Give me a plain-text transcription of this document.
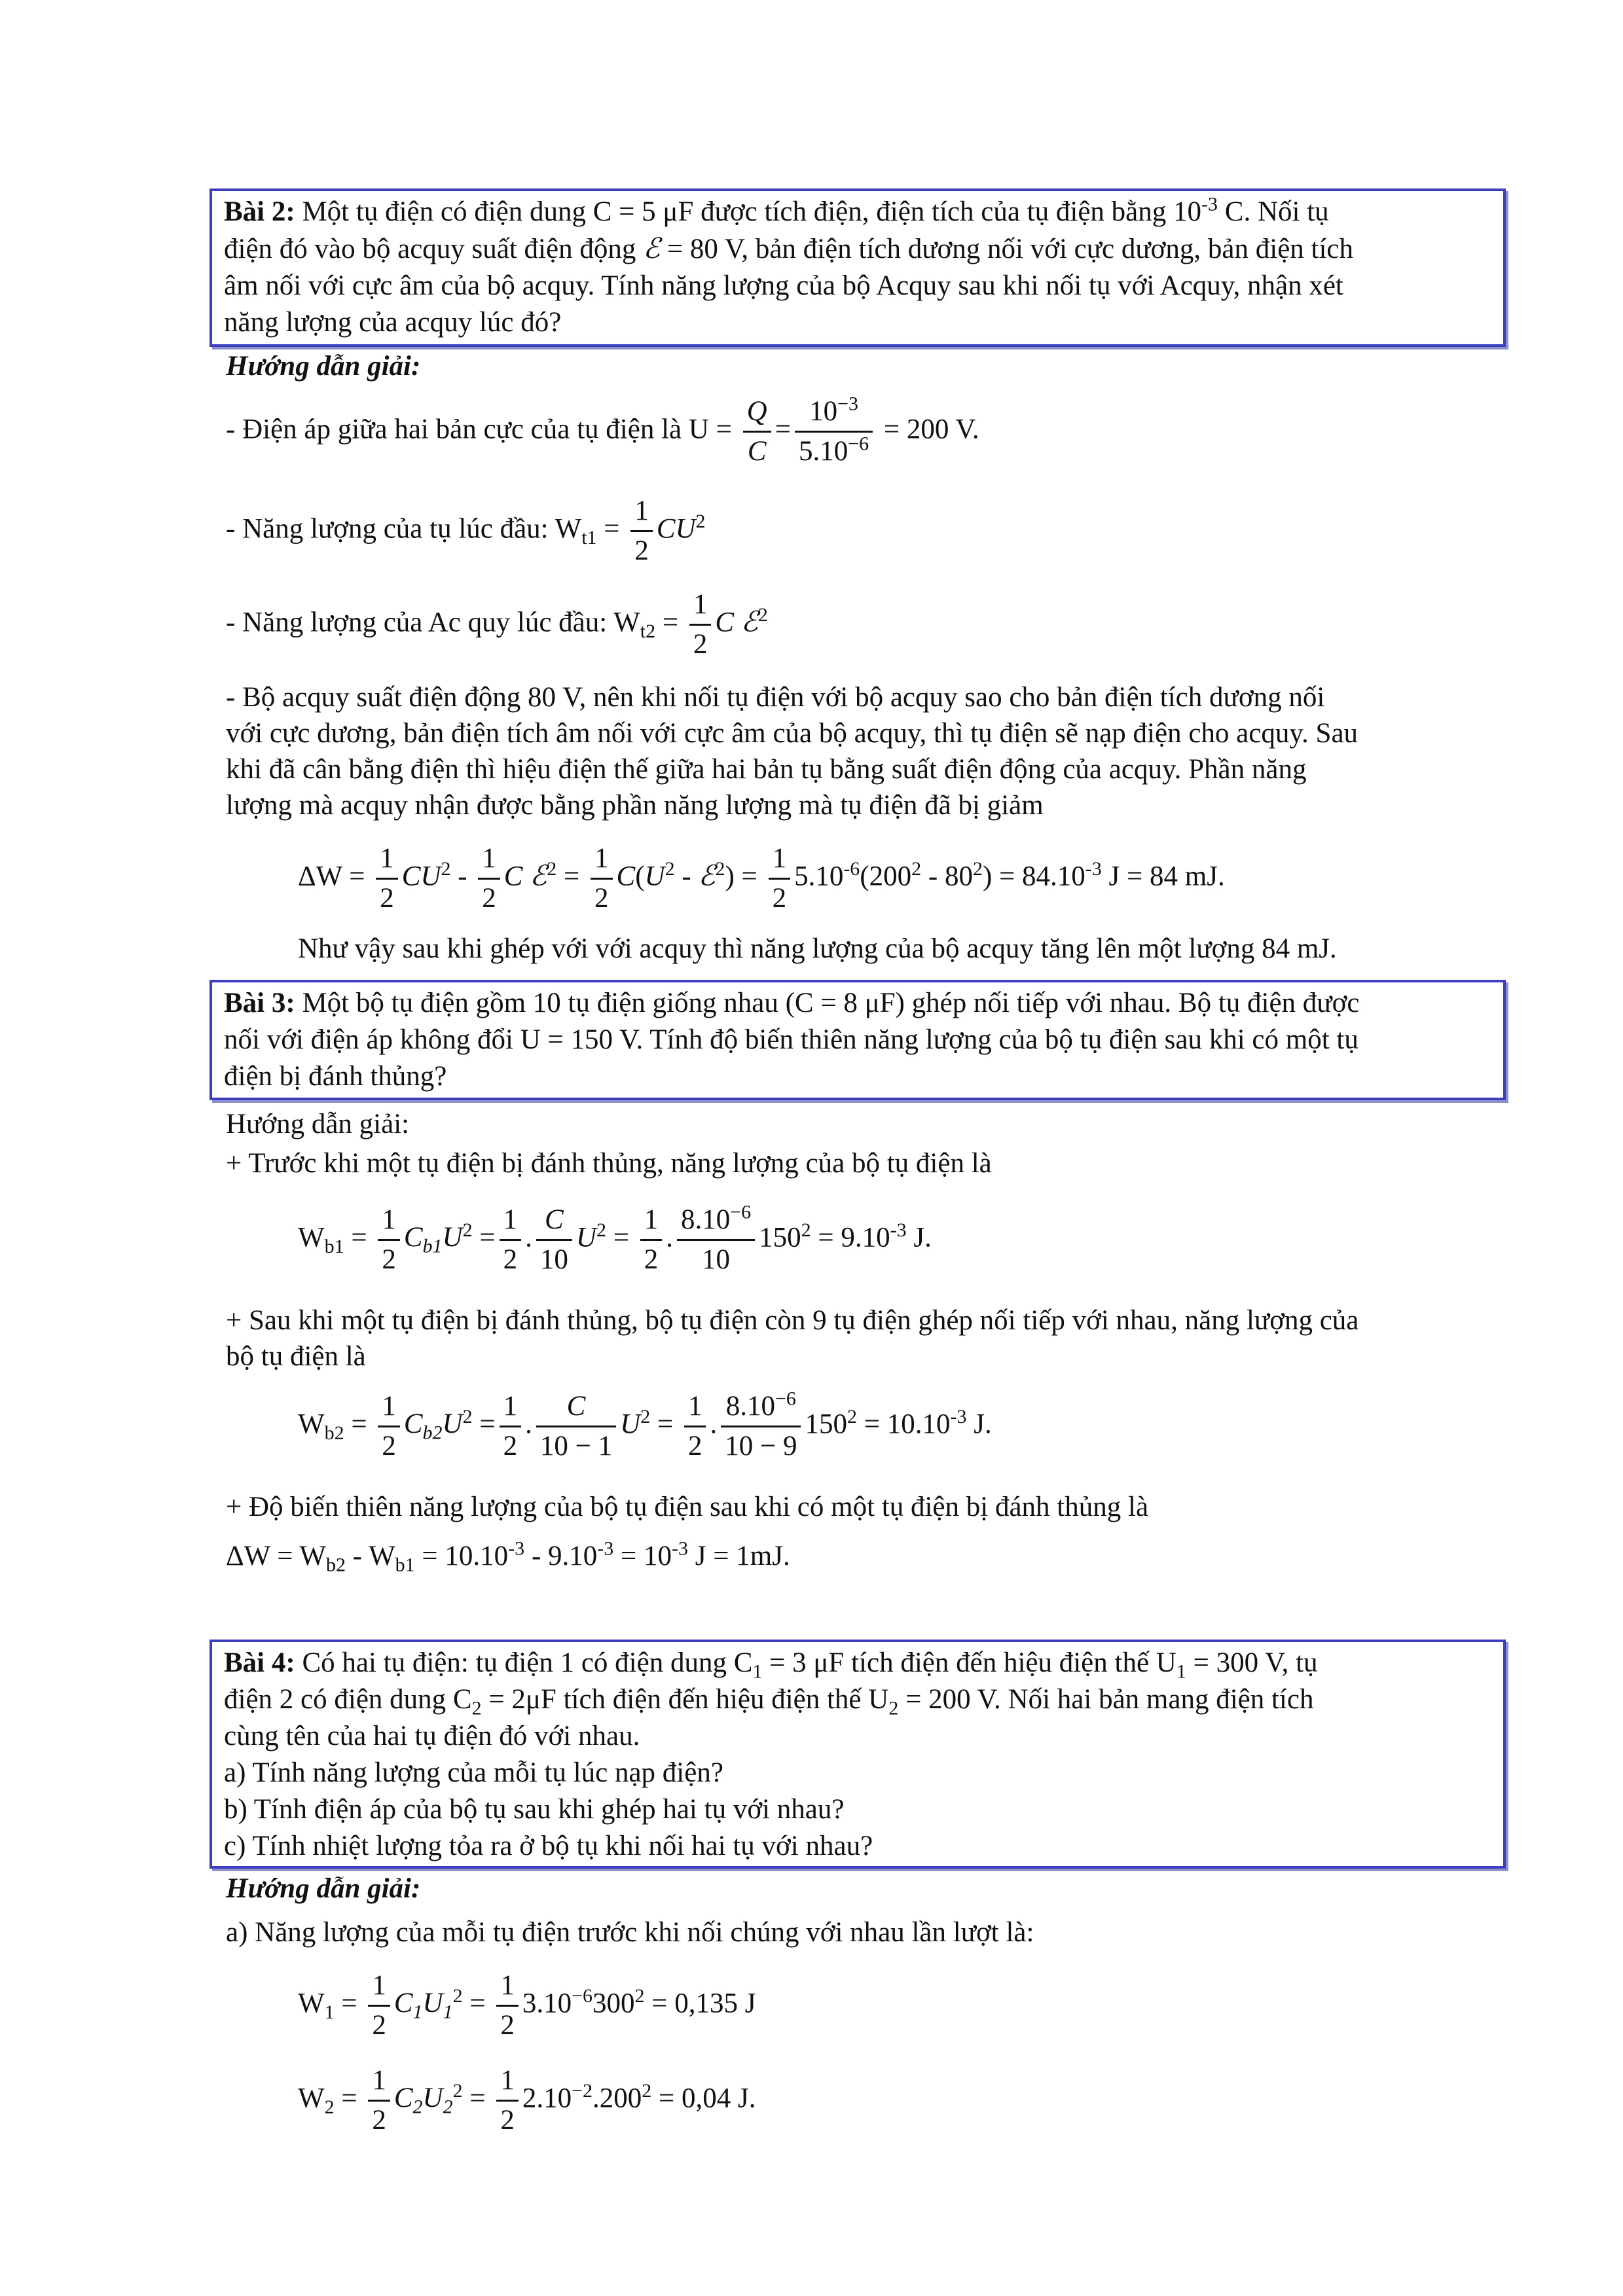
Bài 2: Một tụ điện có điện dung C = 5 μF được tích điện, điện tích của tụ điện bằng $10^{-3}$ C. Nối tụ
điện đó vào bộ acquy suất điện động ℰ = 80 V, bản điện tích dương nối với cực dương, bản điện tích
âm nối với cực âm của bộ acquy. Tính năng lượng của bộ Acquy sau khi nối tụ với Acquy, nhận xét
năng lượng của acquy lúc đó?
Hướng dẫn giải:
- Điện áp giữa hai bản cực của tụ điện là $U = \frac{Q}{C} = \frac{10^{-3}}{5.10^{-6}} = 200$ V.
- Năng lượng của tụ lúc đầu: $W_{t1} = \frac{1}{2} CU^2$
- Năng lượng của Ac quy lúc đầu: $W_{t2} = \frac{1}{2}$ C ℰ$^2$
- Bộ acquy suất điện động 80 V, nên khi nối tụ điện với bộ acquy sao cho bản điện tích dương nối
với cực dương, bản điện tích âm nối với cực âm của bộ acquy, thì tụ điện sẽ nạp điện cho acquy. Sau
khi đã cân bằng điện thì hiệu điện thế giữa hai bản tụ bằng suất điện động của acquy. Phần năng
lượng mà acquy nhận được bằng phần năng lượng mà tụ điện đã bị giảm
$\Delta W = \frac{1}{2} CU^2 - \frac{1}{2}$ C ℰ$^2$ = $\frac{1}{2} C(U^2$ - ℰ$^2$) = $\frac{1}{2} 5.10^{-6}(200^2 - 80^2) = 84.10^{-3}$ J = 84 mJ.
Như vậy sau khi ghép với với acquy thì năng lượng của bộ acquy tăng lên một lượng 84 mJ.
Bài 3: Một bộ tụ điện gồm 10 tụ điện giống nhau (C = 8 μF) ghép nối tiếp với nhau. Bộ tụ điện được
nối với điện áp không đổi U = 150 V. Tính độ biến thiên năng lượng của bộ tụ điện sau khi có một tụ
điện bị đánh thủng?
Hướng dẫn giải:
+ Trước khi một tụ điện bị đánh thủng, năng lượng của bộ tụ điện là
$W_{b1} = \frac{1}{2} C_{b1}U^2 = \frac{1}{2}$ . $\frac{C}{10} U^2 = \frac{1}{2}$ . $\frac{8.10^{-6}}{10} 150^2 = 9.10^{-3}$ J.
+ Sau khi một tụ điện bị đánh thủng, bộ tụ điện còn 9 tụ điện ghép nối tiếp với nhau, năng lượng của
bộ tụ điện là
$W_{b2} = \frac{1}{2} C_{b2}U^2 = \frac{1}{2}$ . $\frac{C}{10 - 1} U^2 = \frac{1}{2}$ . $\frac{8.10^{-6}}{10 - 9} 150^2 = 10.10^{-3}$ J.
+ Độ biến thiên năng lượng của bộ tụ điện sau khi có một tụ điện bị đánh thủng là
$\Delta W = W_{b2} - W_{b1} = 10.10^{-3} - 9.10^{-3} = 10^{-3}$ J = 1mJ.
Bài 4: Có hai tụ điện: tụ điện 1 có điện dung $C_1 = 3$ μF tích điện đến hiệu điện thế $U_1 = 300$ V, tụ
điện 2 có điện dung $C_2 = 2\mu F$ tích điện đến hiệu điện thế $U_2 = 200$ V. Nối hai bản mang điện tích
cùng tên của hai tụ điện đó với nhau.
a) Tính năng lượng của mỗi tụ lúc nạp điện?
b) Tính điện áp của bộ tụ sau khi ghép hai tụ với nhau?
c) Tính nhiệt lượng tỏa ra ở bộ tụ khi nối hai tụ với nhau?
Hướng dẫn giải:
a) Năng lượng của mỗi tụ điện trước khi nối chúng với nhau lần lượt là:
$W_1 = \frac{1}{2} C_1U_1^2 = \frac{1}{2} 3.10^{-6}300^2 = 0,135$ J
$W_2 = \frac{1}{2} C_2U_2^2 = \frac{1}{2} 2.10^{-2}.200^2 = 0,04$ J.
